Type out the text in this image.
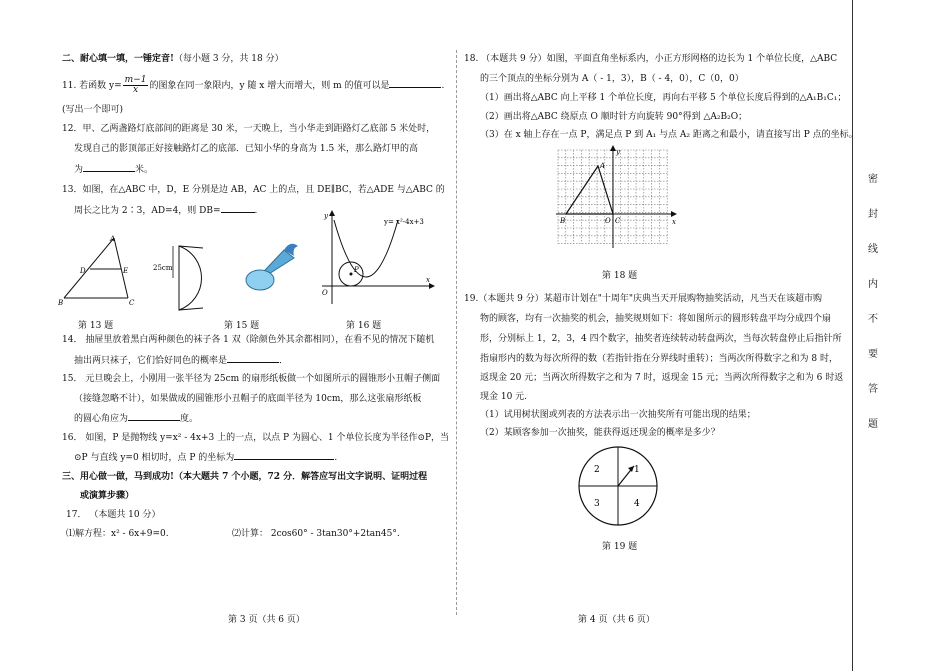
二、耐心填一填，一锤定音!（每小题 3 分，共 18 分）
11. 若函数 $y= \frac{m-1}{x}$ 的图象在同一象限内，y 随 x 增大而增大，则 m 的值可以是	.
(写出一个即可)
12．甲、乙两盏路灯底部间的距离是 30 米，一天晚上，当小华走到距路灯乙底部 5 米处时，
发现自己的影顶部正好接触路灯乙的底部．已知小华的身高为 1.5 米，那么路灯甲的高
为	米。
13．如图，在△ABC 中，D，E 分别是边 AB，AC 上的点，且 DE∥BC，若△ADE 与△ABC 的
周长之比为 2∶3，AD=4，则 DB=	.
A
B	C
D	E
第 13 题
25cm
第 15 题
y
x
O
P
y= x²-4x+3
第 16 题
14． 抽屉里放着黑白两种颜色的袜子各 1 双（除颜色外其余都相同），在看不见的情况下随机
抽出两只袜子，它们恰好同色的概率是	．
15． 元旦晚会上，小刚用一张半径为 25cm 的扇形纸板做一个如图所示的圆锥形小丑帽子侧面
（接缝忽略不计），如果做成的圆锥形小丑帽子的底面半径为 10cm，那么这张扇形纸板
的圆心角应为	度。
16． 如图，P 是抛物线 y=x² - 4x+3 上的一点，以点 P 为圆心、1 个单位长度为半径作⊙P，当
⊙P 与直线 y=0 相切时，点 P 的坐标为	.
三、用心做一做，马到成功!（本大题共 7 个小题，72 分．解答应写出文字说明、证明过程
或演算步骤）
17． （本题共 10 分）
⑴解方程：x² - 6x+9=0.	⑵计算： 2cos60° - 3tan30°+2tan45°.
第 3 页（共 6 页）
18. （本题共 9 分）如图，平面直角坐标系内，小正方形网格的边长为 1 个单位长度，△ABC
的三个顶点的坐标分别为 A（ - 1，3），B（ - 4，0），C（0，0）
（1）画出将△ABC 向上平移 1 个单位长度，再向右平移 5 个单位长度后得到的△A₁B₁C₁；
（2）画出将△ABC 绕原点 O 顺时针方向旋转 90°得到 △A₂B₂O；
（3）在 x 轴上存在一点 P，满足点 P 到 A₁ 与点 A₂ 距离之和最小，请直接写出 P 点的坐标。
A
B	O C	x
y
第 18 题
19.（本题共 9 分）某超市计划在"十周年"庆典当天开展购物抽奖活动，凡当天在该超市购
物的顾客，均有一次抽奖的机会，抽奖规则如下：将如图所示的圆形转盘平均分成四个扇
形，分别标上 1，2，3，4 四个数字，抽奖者连续转动转盘两次，当每次转盘停止后指针所
指扇形内的数为每次所得的数（若指针指在分界线时重转）；当两次所得数字之和为 8 时，
返现金 20 元；当两次所得数字之和为 7 时，返现金 15 元；当两次所得数字之和为 6 时返
现金 10 元.
（1）试用树状图或列表的方法表示出一次抽奖所有可能出现的结果；
（2）某顾客参加一次抽奖，能获得返还现金的概率是多少？
1
2
3	4
第 19 题
第 4 页（共 6 页）
密
封
线
内
不
要
答
题
